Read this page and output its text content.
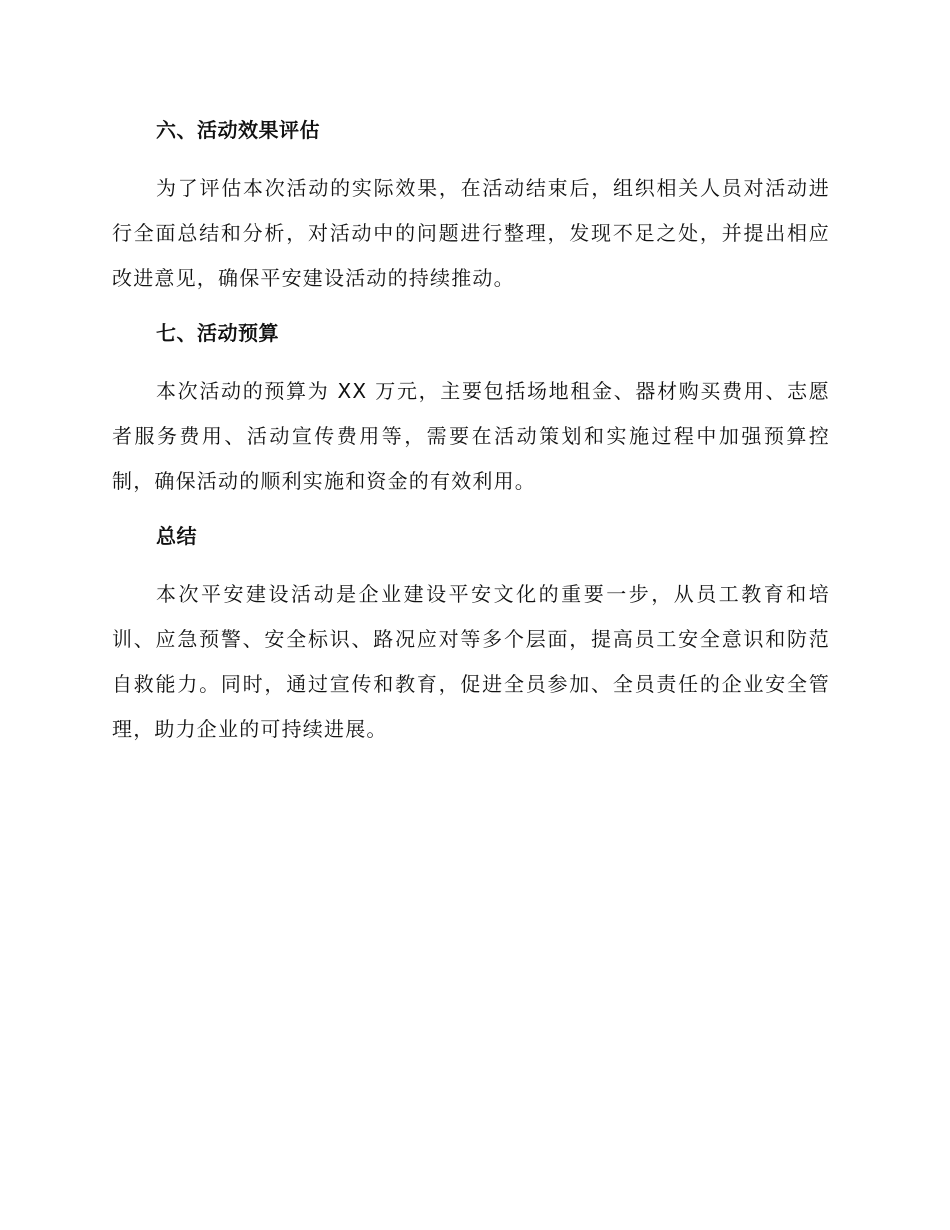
六、活动效果评估

为了评估本次活动的实际效果，在活动结束后，组织相关人员对活动进行全面总结和分析，对活动中的问题进行整理，发现不足之处，并提出相应改进意见，确保平安建设活动的持续推动。

七、活动预算

本次活动的预算为 XX 万元，主要包括场地租金、器材购买费用、志愿者服务费用、活动宣传费用等，需要在活动策划和实施过程中加强预算控制，确保活动的顺利实施和资金的有效利用。

总结

本次平安建设活动是企业建设平安文化的重要一步，从员工教育和培训、应急预警、安全标识、路况应对等多个层面，提高员工安全意识和防范自救能力。同时，通过宣传和教育，促进全员参加、全员责任的企业安全管理，助力企业的可持续进展。
